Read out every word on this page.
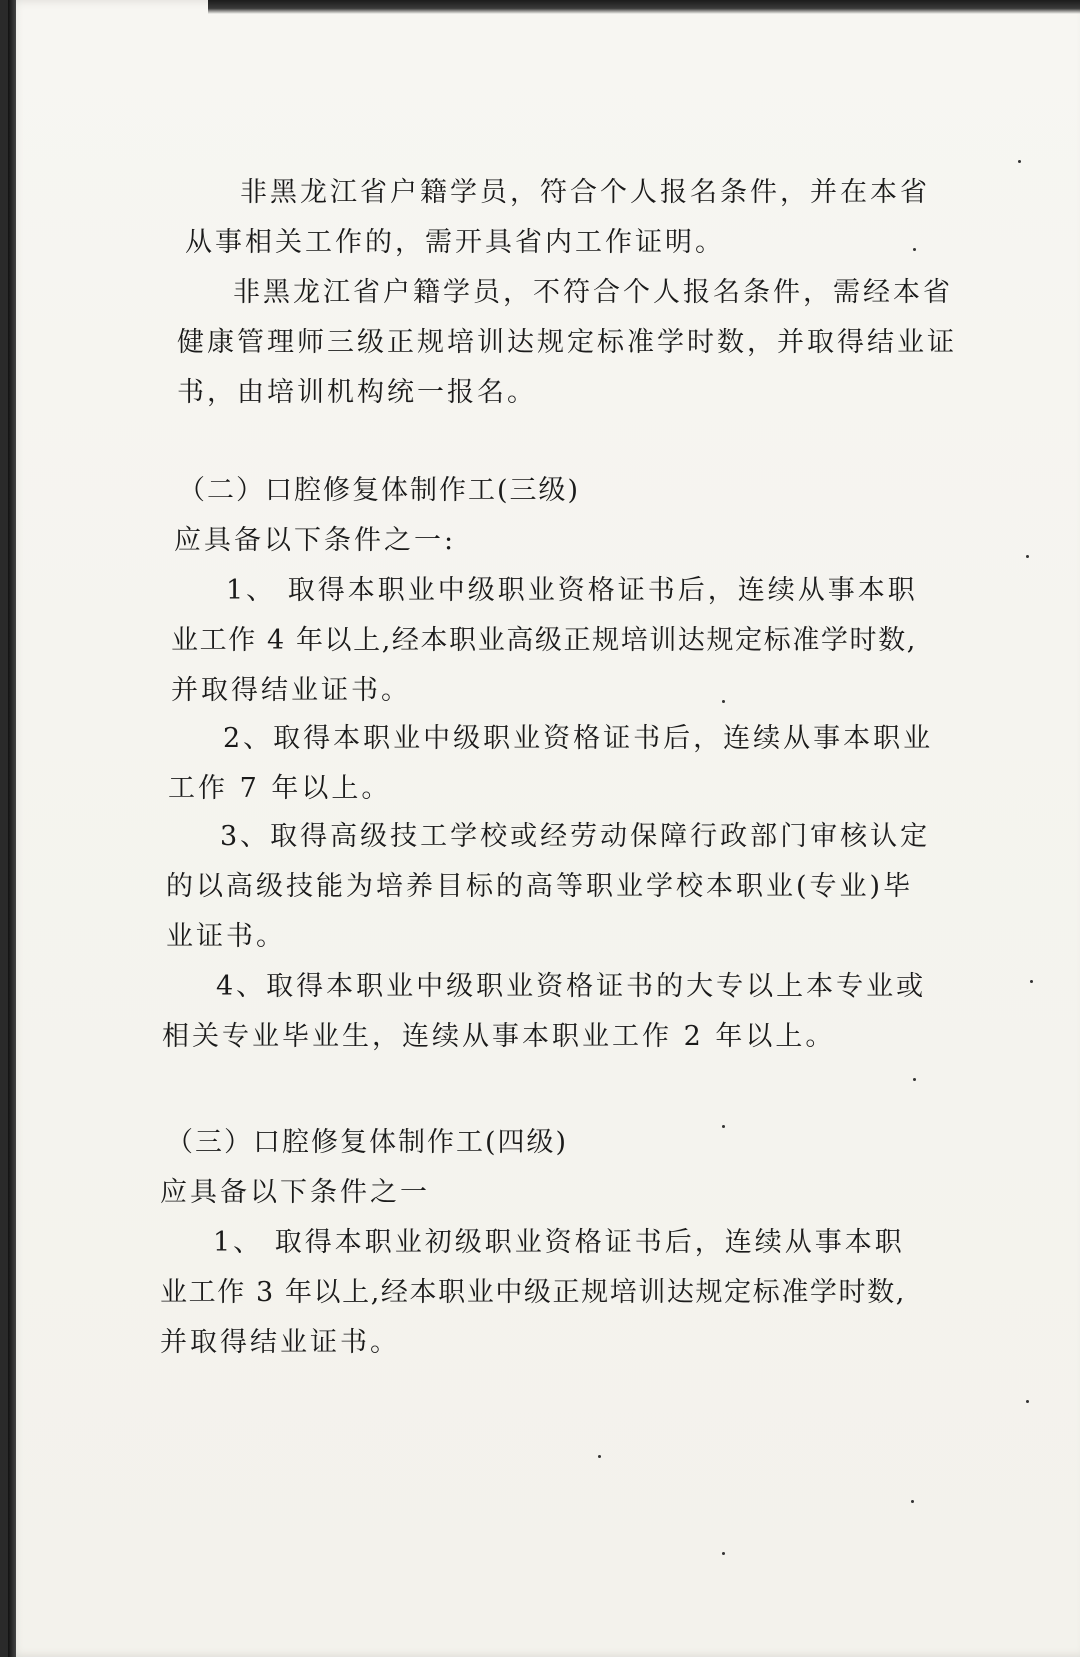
非黑龙江省户籍学员，符合个人报名条件，并在本省
从事相关工作的，需开具省内工作证明。
非黑龙江省户籍学员，不符合个人报名条件，需经本省
健康管理师三级正规培训达规定标准学时数，并取得结业证
书，由培训机构统一报名。
（二）口腔修复体制作工(三级)
应具备以下条件之一:
1、 取得本职业中级职业资格证书后，连续从事本职
业工作 4 年以上,经本职业高级正规培训达规定标准学时数,
并取得结业证书。
2、取得本职业中级职业资格证书后，连续从事本职业
工作 7 年以上。
3、取得高级技工学校或经劳动保障行政部门审核认定
的以高级技能为培养目标的高等职业学校本职业(专业)毕
业证书。
4、取得本职业中级职业资格证书的大专以上本专业或
相关专业毕业生，连续从事本职业工作 2 年以上。
（三）口腔修复体制作工(四级)
应具备以下条件之一
1、 取得本职业初级职业资格证书后，连续从事本职
业工作 3 年以上,经本职业中级正规培训达规定标准学时数,
并取得结业证书。
